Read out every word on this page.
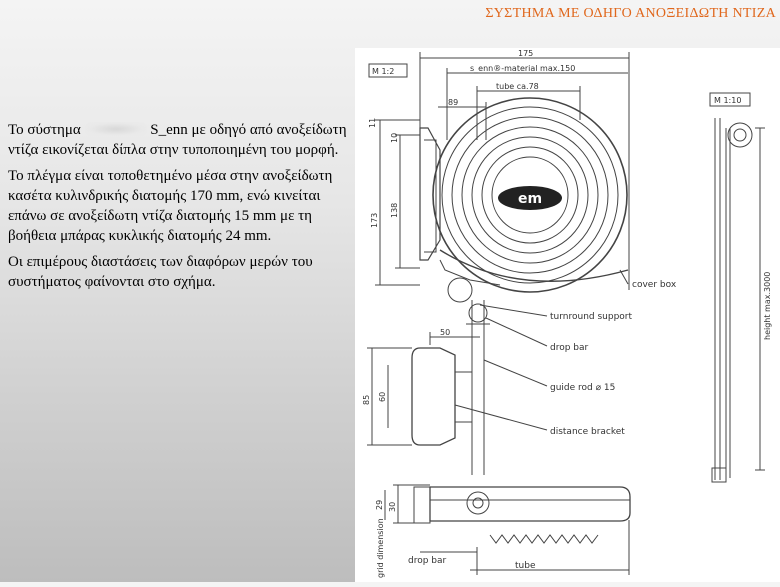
ΣΥΣΤΗΜΑ ΜΕ ΟΔΗΓΟ ΑΝΟΞΕΙΔΩΤΗ ΝΤΙΖΑ

Το σύστημα	S_enn με οδηγό από ανοξείδωτη ντίζα εικονίζεται δίπλα στην τυποποιημένη του μορφή.

Το πλέγμα είναι τοποθετημένο μέσα στην ανοξείδωτη κασέτα κυλινδρικής διατομής 170 mm, ενώ κινείται επάνω σε ανοξείδωτη ντίζα διατομής 15 mm με τη βοήθεια μπάρας κυκλικής διατομής 24 mm.

Οι επιμέρους διαστάσεις των διαφόρων μερών του συστήματος φαίνονται στο σχήμα.

em
M 1:2
M 1:10
175
s_enn®-material max.150
tube ca.78
89
11
10
173
138
50
85 60
29 30
height max.3000
grid dimension
cover box
turnround support
drop bar
guide rod ⌀ 15
distance bracket
drop bar	tube
